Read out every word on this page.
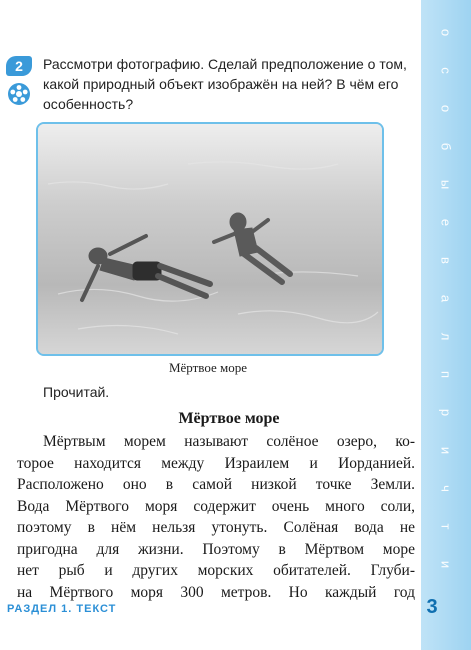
о
с
о
б
ы
е
в
а
л
п
р
и
ч
т
и
2	Рассмотри фотографию. Сделай предположение о том, какой природный объект изображён на ней? В чём его особенность?
Мёртвое море
Прочитай.
Мёртвое море
Мёртвым морем называют солёное озеро, ко-
торое находится между Израилем и Иорданией.
Расположено оно в самой низкой точке Земли.
Вода Мёртвого моря содержит очень много соли,
поэтому в нём нельзя утонуть. Солёная вода не
пригодна для жизни. Поэтому в Мёртвом море
нет рыб и других морских обитателей. Глуби-
на Мёртвого моря 300 метров. Но каждый год
РАЗДЕЛ 1. ТЕКСТ	3
